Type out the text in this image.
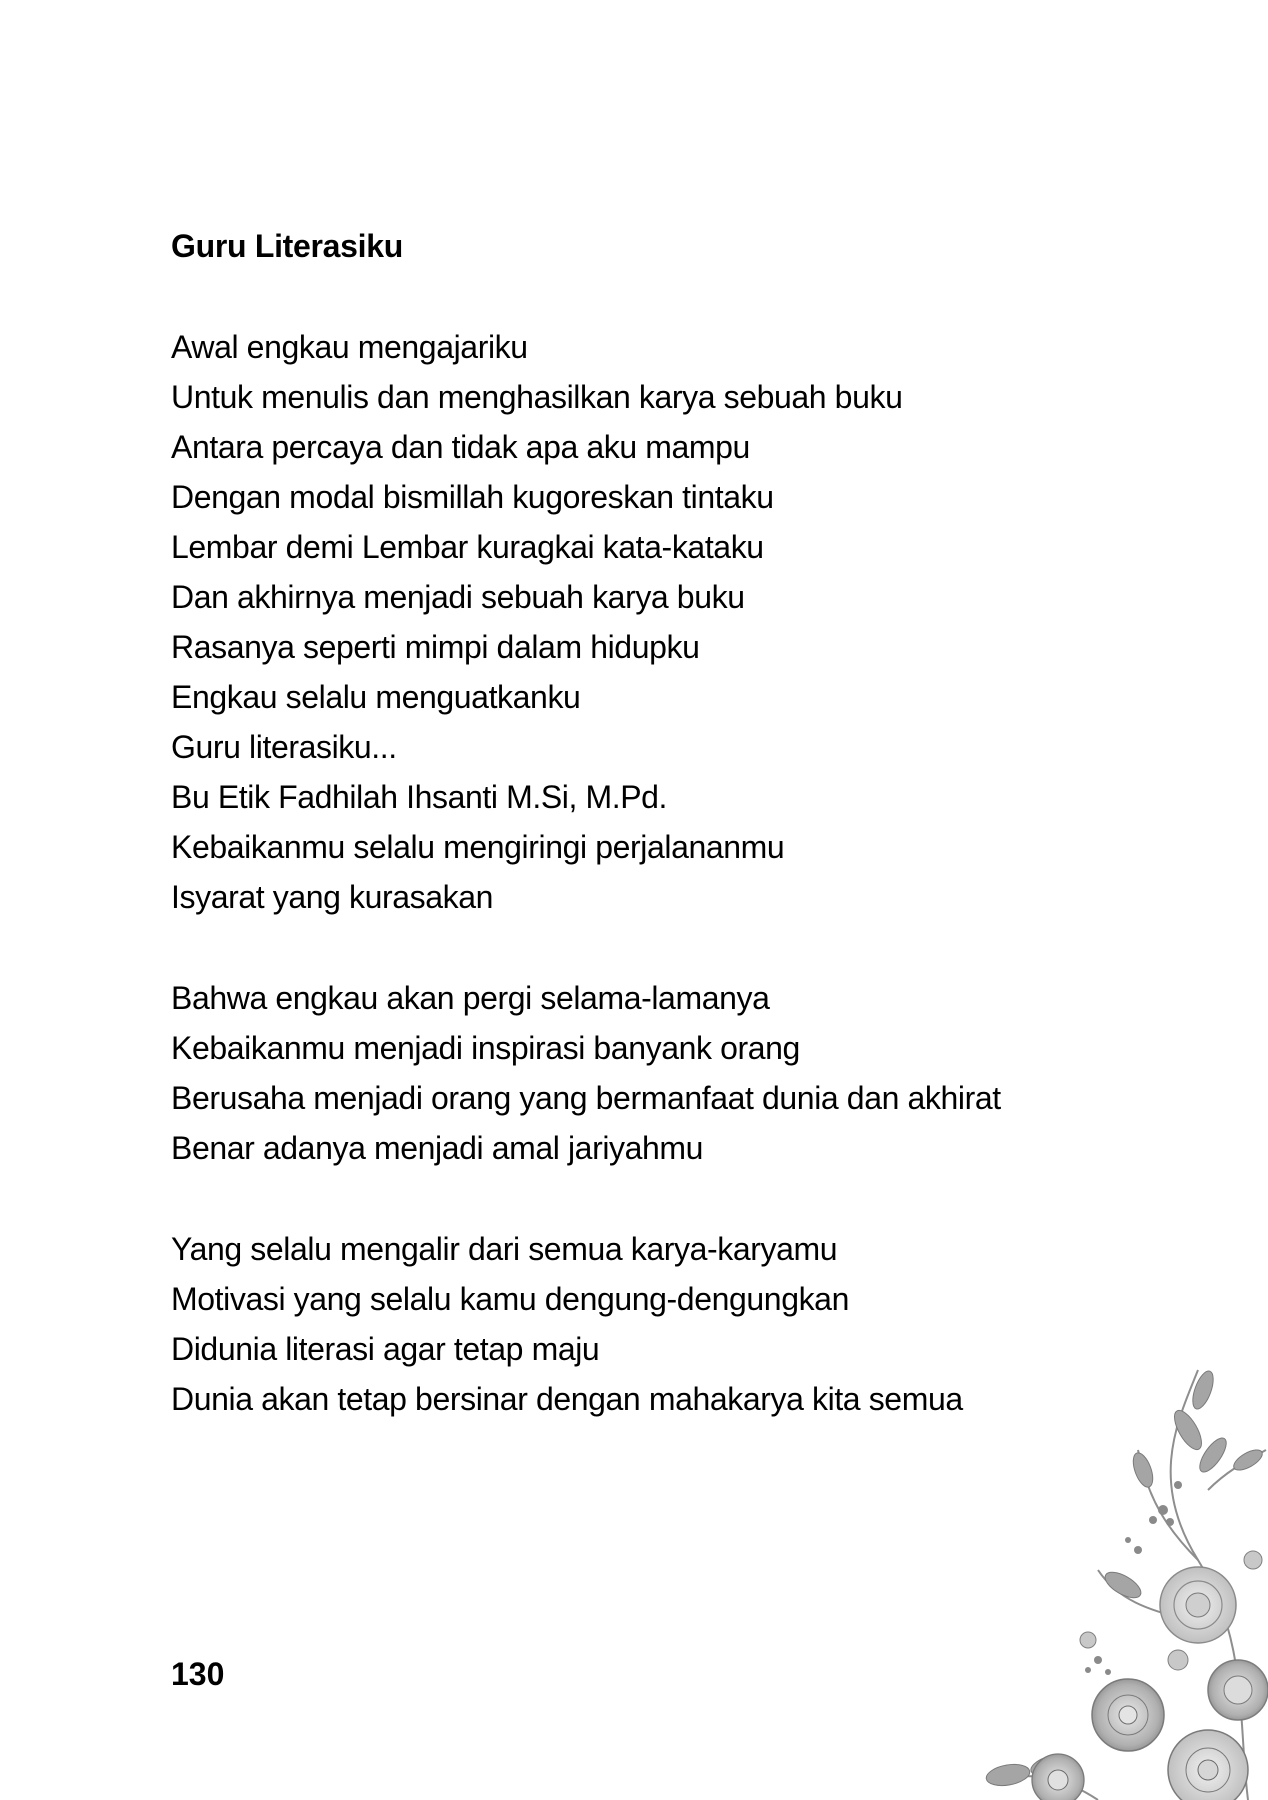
Guru Literasiku
Awal engkau mengajariku
Untuk menulis dan menghasilkan karya sebuah buku
Antara percaya dan tidak apa aku mampu
Dengan modal bismillah kugoreskan tintaku
Lembar demi Lembar kuragkai kata-kataku
Dan akhirnya menjadi sebuah karya buku
Rasanya seperti mimpi dalam hidupku
Engkau selalu menguatkanku
Guru literasiku...
Bu Etik Fadhilah Ihsanti M.Si, M.Pd.
Kebaikanmu selalu mengiringi perjalananmu
Isyarat yang kurasakan
Bahwa engkau akan pergi selama-lamanya
Kebaikanmu menjadi inspirasi banyank orang
Berusaha menjadi orang yang bermanfaat dunia dan akhirat
Benar adanya menjadi amal jariyahmu
Yang selalu mengalir dari semua karya-karyamu
Motivasi yang selalu kamu dengung-dengungkan
Didunia literasi agar tetap maju
Dunia akan tetap bersinar dengan mahakarya kita semua
130
